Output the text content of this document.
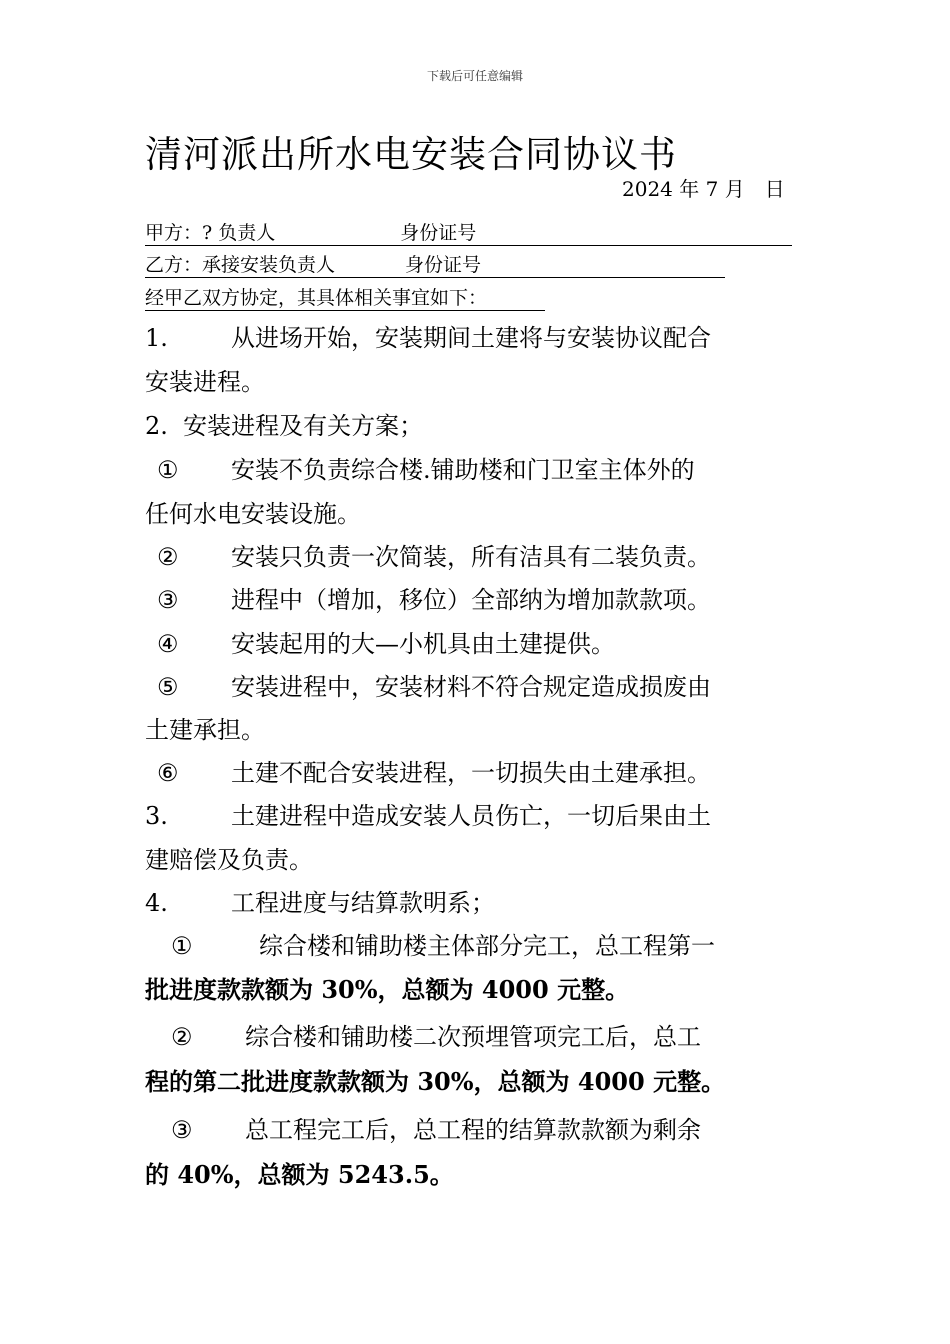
下载后可任意编辑
清河派出所水电安装合同协议书
2024 年 7 月　日
甲方：? 负责人	身份证号
乙方：承接安装负责人	身份证号
经甲乙双方协定，其具体相关事宜如下：
1.	从进场开始，安装期间土建将与安装协议配合
安装进程。
2. 安装进程及有关方案；
① 安装不负责综合楼.铺助楼和门卫室主体外的
任何水电安装设施。
② 安装只负责一次简装，所有洁具有二装负责。
③ 进程中（增加，移位）全部纳为增加款款项。
④ 安装起用的大—小机具由土建提供。
⑤ 安装进程中，安装材料不符合规定造成损废由
土建承担。
⑥ 土建不配合安装进程，一切损失由土建承担。
3.	土建进程中造成安装人员伤亡，一切后果由土
建赔偿及负责。
4.	工程进度与结算款明系；
①	综合楼和铺助楼主体部分完工，总工程第一
批进度款款额为 30%，总额为 4000 元整。
② 综合楼和铺助楼二次预埋管项完工后，总工
程的第二批进度款款额为 30%，总额为 4000 元整。
③ 总工程完工后，总工程的结算款款额为剩余
的 40%，总额为 5243.5。
